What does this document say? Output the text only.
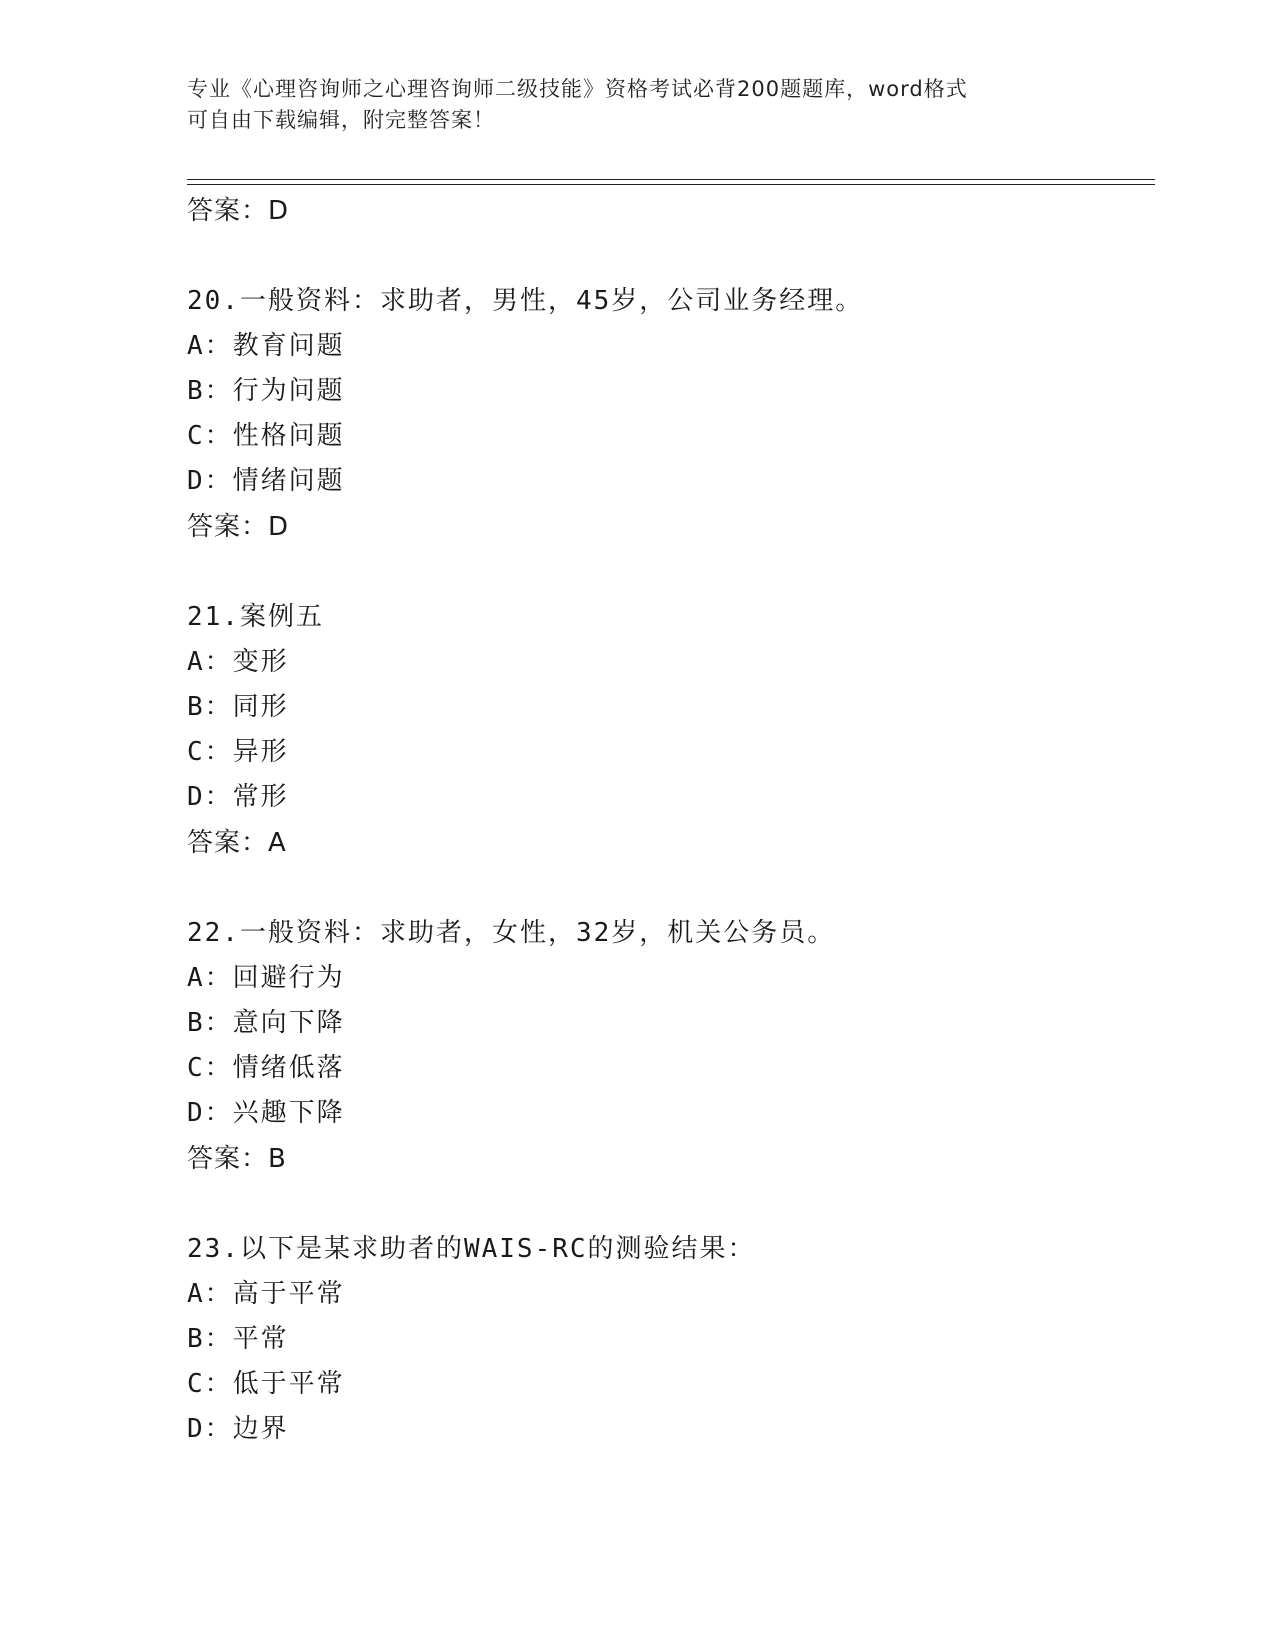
专业《心理咨询师之心理咨询师二级技能》资格考试必背200题题库，word格式
可自由下载编辑，附完整答案！
答案：D
20.一般资料：求助者，男性，45岁，公司业务经理。
A：教育问题
B：行为问题
C：性格问题
D：情绪问题
答案：D
21.案例五
A：变形
B：同形
C：异形
D：常形
答案：A
22.一般资料：求助者，女性，32岁，机关公务员。
A：回避行为
B：意向下降
C：情绪低落
D：兴趣下降
答案：B
23.以下是某求助者的WAIS-RC的测验结果：
A：高于平常
B：平常
C：低于平常
D：边界
